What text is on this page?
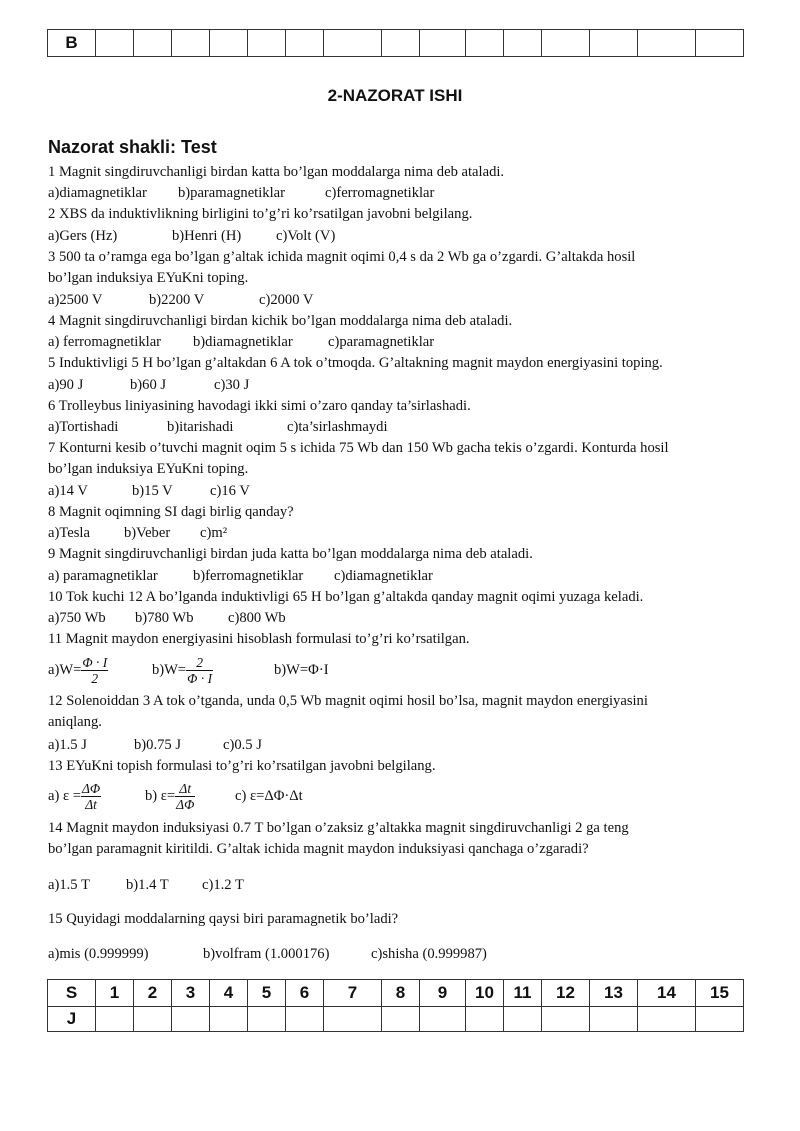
B															
2-NAZORAT ISHI
Nazorat shakli: Test
1 Magnit singdiruvchanligi birdan katta bo’lgan moddalarga nima deb ataladi.
a)diamagnetiklar b)paramagnetiklar	c)ferromagnetiklar
2 XBS da induktivlikning birligini to’g’ri ko’rsatilgan javobni belgilang.
a)Gers (Hz)	b)Henri (H) c)Volt (V)
3 500 ta o’ramga ega bo’lgan g’altak ichida magnit oqimi 0,4 s da 2 Wb ga o’zgardi. G’altakda hosil
bo’lgan induksiya EYuKni toping.
a)2500 V	b)2200 V	c)2000 V
4 Magnit singdiruvchanligi birdan kichik bo’lgan moddalarga nima deb ataladi.
a) ferromagnetiklar b)diamagnetiklar c)paramagnetiklar
5 Induktivligi 5 H bo’lgan g’altakdan 6 A tok o’tmoqda. G’altakning magnit maydon energiyasini toping.
a)90 J	b)60 J	c)30 J
6 Trolleybus liniyasining havodagi ikki simi o’zaro qanday ta’sirlashadi.
a)Tortishadi	b)itarishadi	c)ta’sirlashmaydi
7 Konturni kesib o’tuvchi magnit oqim 5 s ichida 75 Wb dan 150 Wb gacha tekis o’zgardi. Konturda hosil
bo’lgan induksiya EYuKni toping.
a)14 V	b)15 V	c)16 V
8 Magnit oqimning SI dagi birlig qanday?
a)Tesla b)Veber c)m²
9 Magnit singdiruvchanligi birdan juda katta bo’lgan moddalarga nima deb ataladi.
a) paramagnetiklar b)ferromagnetiklar c)diamagnetiklar
10 Tok kuchi 12 A bo’lganda induktivligi 65 H bo’lgan g’altakda qanday magnit oqimi yuzaga keladi.
a)750 Wb b)780 Wb c)800 Wb
11 Magnit maydon energiyasini hisoblash formulasi to’g’ri ko’rsatilgan.
$a)W= \frac{\Phi \cdot I}{2}$	$b)W= \frac{2}{\Phi \cdot I}$	b)W=Φ·I
12 Solenoiddan 3 A tok o’tganda, unda 0,5 Wb magnit oqimi hosil bo’lsa, magnit maydon energiyasini
aniqlang.
a)1.5 J	b)0.75 J	c)0.5 J
13 EYuKni topish formulasi to’g’ri ko’rsatilgan javobni belgilang.
a) $\varepsilon = \frac{\Delta\Phi}{\Delta t}$	b) $\varepsilon= \frac{\Delta t}{\Delta\Phi}$	c) ε=ΔΦ·Δt
14 Magnit maydon induksiyasi 0.7 T bo’lgan o’zaksiz g’altakka magnit singdiruvchanligi 2 ga teng
bo’lgan paramagnit kiritildi. G’altak ichida magnit maydon induksiyasi qanchaga o’zgaradi?
a)1.5 T b)1.4 T c)1.2 T
15 Quyidagi moddalarning qaysi biri paramagnetik bo’ladi?
a)mis (0.999999)	b)volfram (1.000176)	c)shisha (0.999987)
S	1	2	3	4	5	6	7	8	9	10	11	12	13	14	15
J															
